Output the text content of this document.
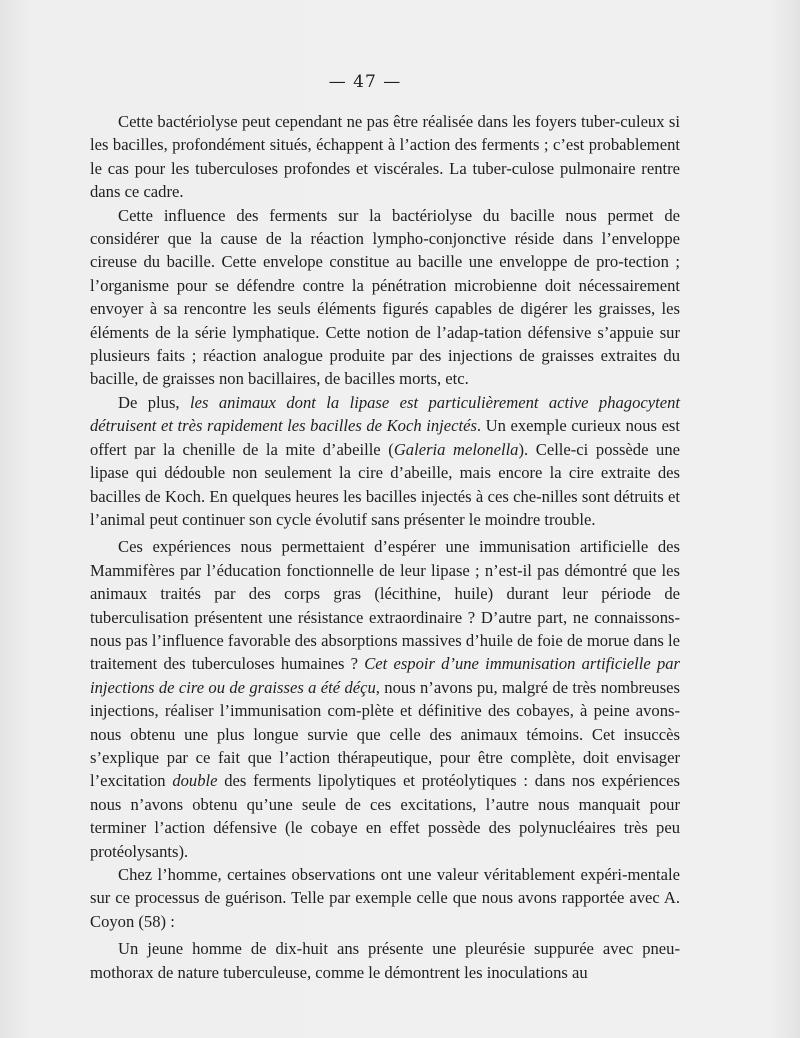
— 47 —

Cette bactériolyse peut cependant ne pas être réalisée dans les foyers tuber-culeux si les bacilles, profondément situés, échappent à l’action des ferments ; c’est probablement le cas pour les tuberculoses profondes et viscérales. La tuber-culose pulmonaire rentre dans ce cadre.

Cette influence des ferments sur la bactériolyse du bacille nous permet de considérer que la cause de la réaction lympho-conjonctive réside dans l’enveloppe cireuse du bacille. Cette envelope constitue au bacille une enveloppe de pro-tection ; l’organisme pour se défendre contre la pénétration microbienne doit nécessairement envoyer à sa rencontre les seuls éléments figurés capables de digérer les graisses, les éléments de la série lymphatique. Cette notion de l’adap-tation défensive s’appuie sur plusieurs faits ; réaction analogue produite par des injections de graisses extraites du bacille, de graisses non bacillaires, de bacilles morts, etc.

De plus, les animaux dont la lipase est particulièrement active phagocytent détruisent et très rapidement les bacilles de Koch injectés. Un exemple curieux nous est offert par la chenille de la mite d’abeille (Galeria melonella). Celle-ci possède une lipase qui dédouble non seulement la cire d’abeille, mais encore la cire extraite des bacilles de Koch. En quelques heures les bacilles injectés à ces che-nilles sont détruits et l’animal peut continuer son cycle évolutif sans présenter le moindre trouble.

Ces expériences nous permettaient d’espérer une immunisation artificielle des Mammifères par l’éducation fonctionnelle de leur lipase ; n’est-il pas démontré que les animaux traités par des corps gras (lécithine, huile) durant leur période de tuberculisation présentent une résistance extraordinaire ? D’autre part, ne connaissons-nous pas l’influence favorable des absorptions massives d’huile de foie de morue dans le traitement des tuberculoses humaines ? Cet espoir d’une immunisation artificielle par injections de cire ou de graisses a été déçu, nous n’avons pu, malgré de très nombreuses injections, réaliser l’immunisation com-plète et définitive des cobayes, à peine avons-nous obtenu une plus longue survie que celle des animaux témoins. Cet insuccès s’explique par ce fait que l’action thérapeutique, pour être complète, doit envisager l’excitation double des ferments lipolytiques et protéolytiques : dans nos expériences nous n’avons obtenu qu’une seule de ces excitations, l’autre nous manquait pour terminer l’action défensive (le cobaye en effet possède des polynucléaires très peu protéolysants).

Chez l’homme, certaines observations ont une valeur véritablement expéri-mentale sur ce processus de guérison. Telle par exemple celle que nous avons rapportée avec A. Coyon (58) :

Un jeune homme de dix-huit ans présente une pleurésie suppurée avec pneu-mothorax de nature tuberculeuse, comme le démontrent les inoculations au
